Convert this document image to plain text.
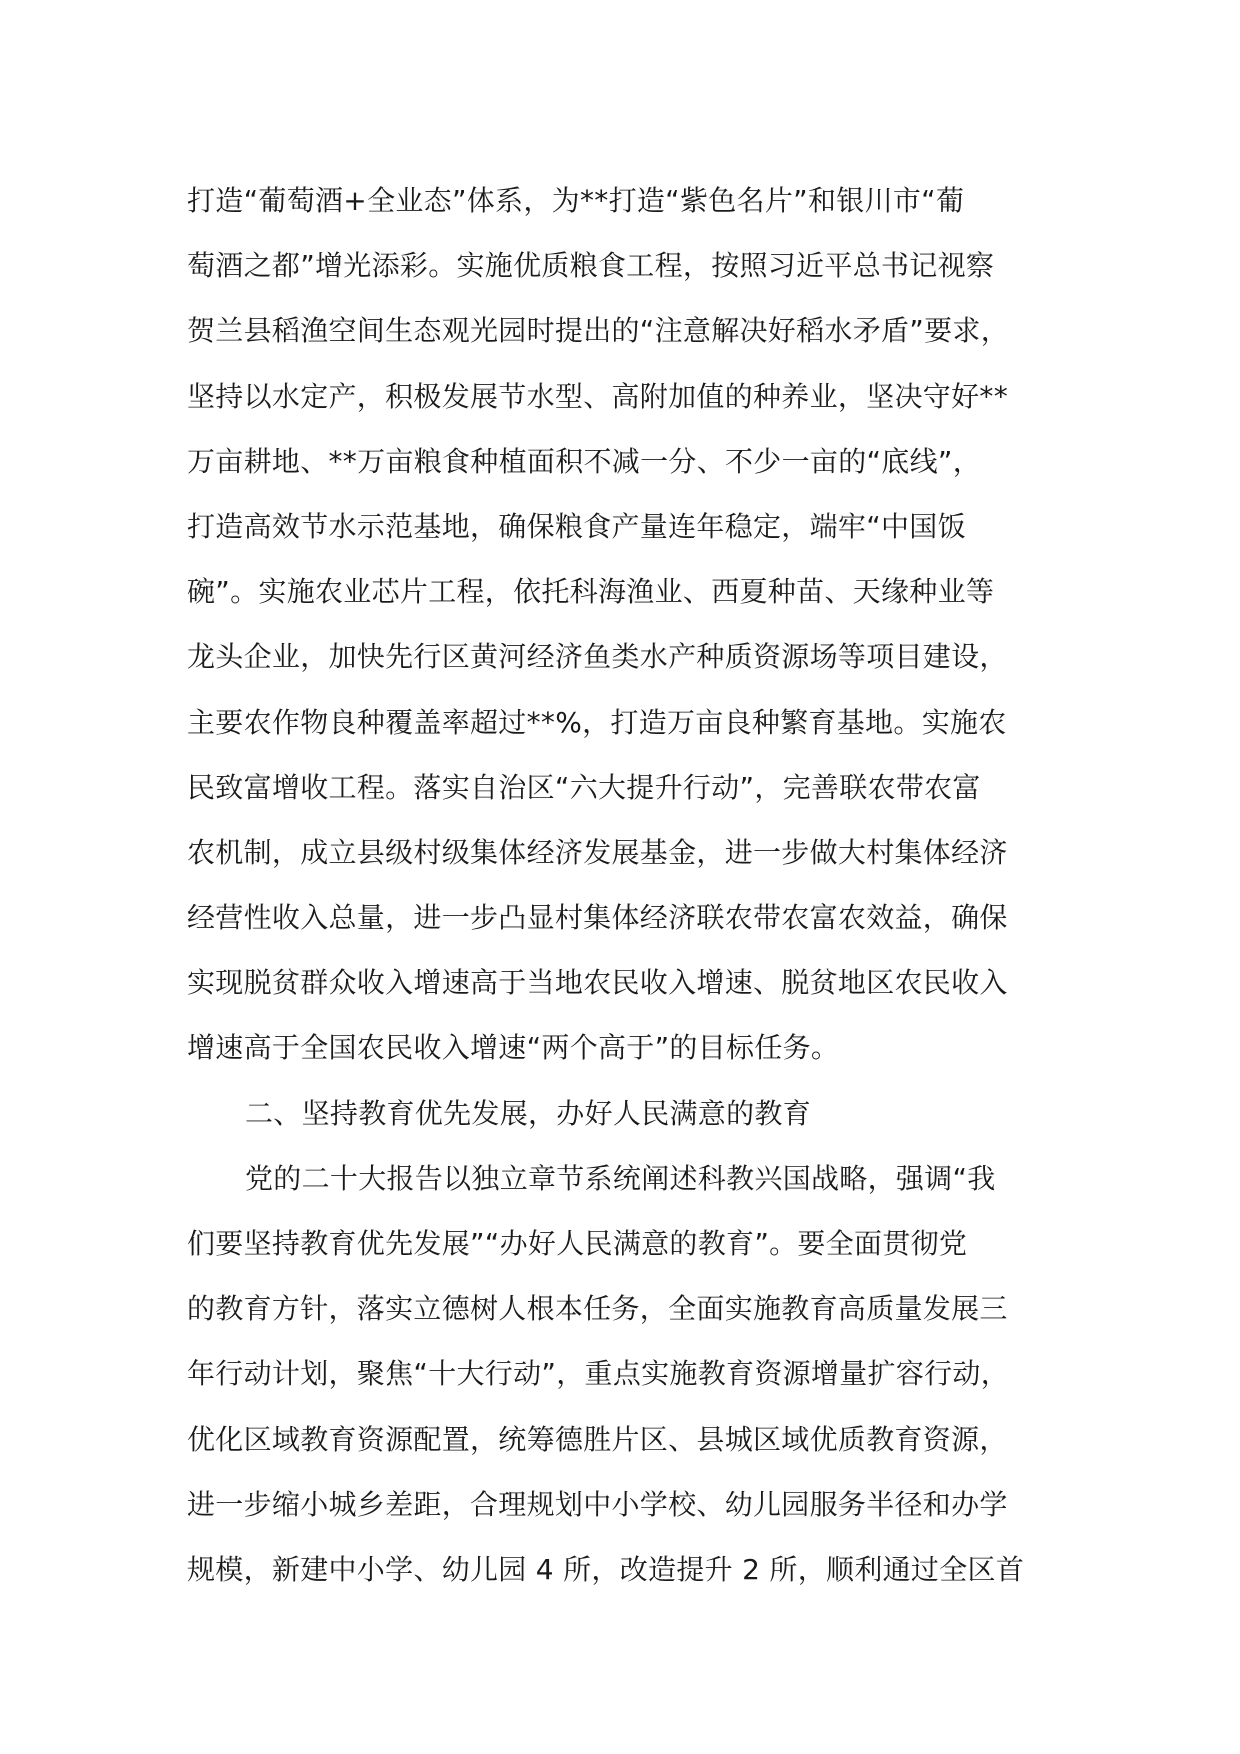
打造“葡萄酒+全业态”体系，为**打造“紫色名片”和银川市“葡
萄酒之都”增光添彩。实施优质粮食工程，按照习近平总书记视察
贺兰县稻渔空间生态观光园时提出的“注意解决好稻水矛盾”要求，
坚持以水定产，积极发展节水型、高附加值的种养业，坚决守好**
万亩耕地、**万亩粮食种植面积不减一分、不少一亩的“底线”，
打造高效节水示范基地，确保粮食产量连年稳定，端牢“中国饭
碗”。实施农业芯片工程，依托科海渔业、西夏种苗、天缘种业等
龙头企业，加快先行区黄河经济鱼类水产种质资源场等项目建设，
主要农作物良种覆盖率超过**%，打造万亩良种繁育基地。实施农
民致富增收工程。落实自治区“六大提升行动”，完善联农带农富
农机制，成立县级村级集体经济发展基金，进一步做大村集体经济
经营性收入总量，进一步凸显村集体经济联农带农富农效益，确保
实现脱贫群众收入增速高于当地农民收入增速、脱贫地区农民收入
增速高于全国农民收入增速“两个高于”的目标任务。
二、坚持教育优先发展，办好人民满意的教育
党的二十大报告以独立章节系统阐述科教兴国战略，强调“我
们要坚持教育优先发展”“办好人民满意的教育”。要全面贯彻党
的教育方针，落实立德树人根本任务，全面实施教育高质量发展三
年行动计划，聚焦“十大行动”，重点实施教育资源增量扩容行动，
优化区域教育资源配置，统筹德胜片区、县城区域优质教育资源，
进一步缩小城乡差距，合理规划中小学校、幼儿园服务半径和办学
规模，新建中小学、幼儿园 4 所，改造提升 2 所，顺利通过全区首
